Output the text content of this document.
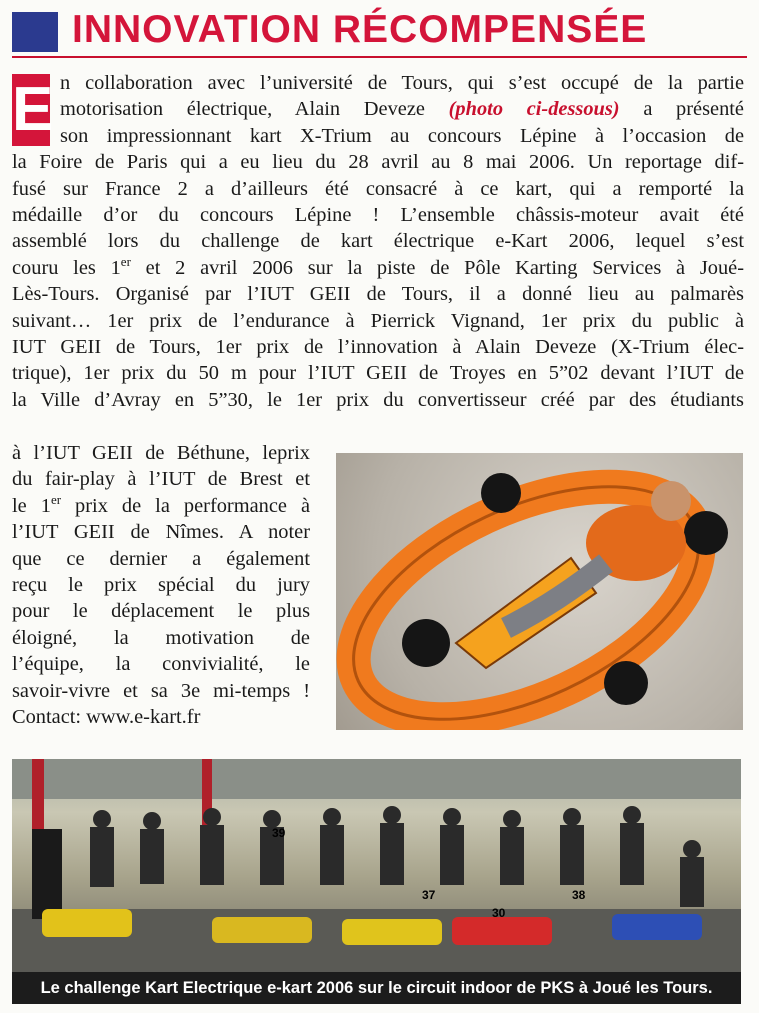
INNOVATION RÉCOMPENSÉE
E n collaboration avec l’université de Tours, qui s’est occupé de la partie
motorisation électrique, Alain Deveze (photo ci-dessous) a présenté
son impressionnant kart X-Trium au concours Lépine à l’occasion de
la Foire de Paris qui a eu lieu du 28 avril au 8 mai 2006. Un reportage dif-
fusé sur France 2 a d’ailleurs été consacré à ce kart, qui a remporté la
médaille d’or du concours Lépine ! L’ensemble châssis-moteur avait été
assemblé lors du challenge de kart électrique e-Kart 2006, lequel s’est
couru les 1er et 2 avril 2006 sur la piste de Pôle Karting Services à Joué-
Lès-Tours. Organisé par l’IUT GEII de Tours, il a donné lieu au palmarès
suivant… 1er prix de l’endurance à Pierrick Vignand, 1er prix du public à
IUT GEII de Tours, 1er prix de l’innovation à Alain Deveze (X-Trium élec-
trique), 1er prix du 50 m pour l’IUT GEII de Troyes en 5”02 devant l’IUT de
la Ville d’Avray en 5”30, le 1er prix du convertisseur créé par des étudiants
à l’IUT GEII de Béthune, leprix
du fair-play à l’IUT de Brest et
le 1er prix de la performance à
l’IUT GEII de Nîmes. A noter
que ce dernier a également
reçu le prix spécial du jury
pour le déplacement le plus
éloigné, la motivation de
l’équipe, la convivialité, le
savoir-vivre et sa 3e mi-temps !
Contact: www.e-kart.fr
30
39
37	38
Le challenge Kart Electrique e-kart 2006 sur le circuit indoor de PKS à Joué les Tours.
